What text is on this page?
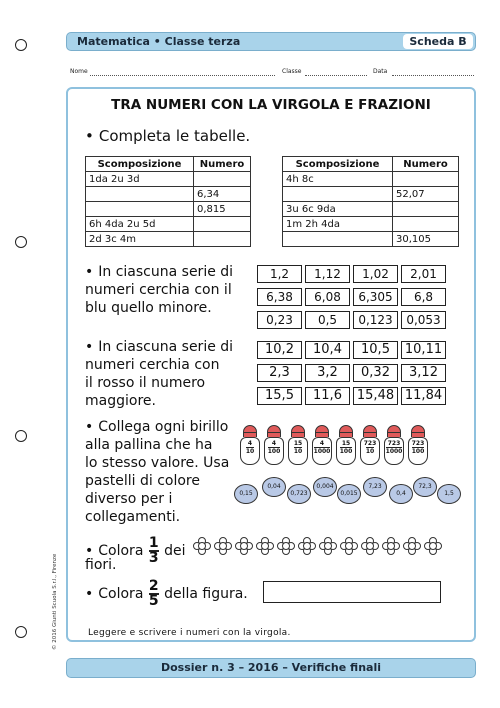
Matematica • Classe terza	Scheda B
Nome	Classe	Data
TRA NUMERI CON LA VIRGOLA E FRAZIONI
• Completa le tabelle.
Scomposizione	Numero
1da 2u 3d	
	6,34
	0,815
6h 4da 2u 5d	
2d 3c 4m	
Scomposizione	Numero
4h 8c	
	52,07
3u 6c 9da	
1m 2h 4da	
	30,105
• In ciascuna serie di
numeri cerchia con il
blu quello minore.
1,2	1,12	1,02	2,01
6,38	6,08	6,305	6,8
0,23	0,5	0,123	0,053
• In ciascuna serie di
numeri cerchia con
il rosso il numero
maggiore.
10,2	10,4	10,5	10,11
2,3	3,2	0,32	3,12
15,5	11,6	15,48 11,84
• Collega ogni birillo
alla pallina che ha
lo stesso valore. Usa
pastelli di colore
diverso per i
collegamenti.
$\frac{4}{10} \frac{4}{100} \frac{15}{10} \frac{4}{1000} \frac{15}{100} \frac{723}{10} \frac{723}{1000} \frac{723}{100}$
0,15
0,04
0,723
0,004
0,015
7,23
0,4
72,3
1,5
• Colora $\frac{1}{3}$ dei
fiori.
• Colora $\frac{2}{5}$ della figura.
Leggere e scrivere i numeri con la virgola.
© 2016 Giunti Scuola S.r.l., Firenze
Dossier n. 3 – 2016 – Verifiche finali
